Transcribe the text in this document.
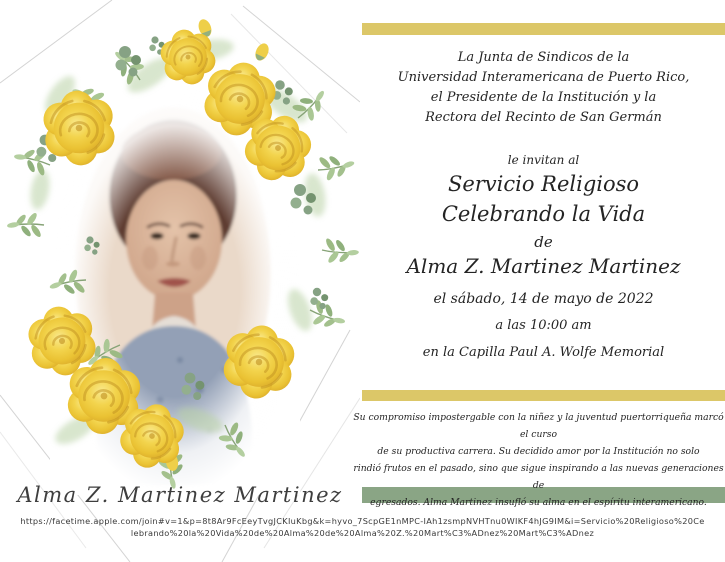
Alma Z. Martinez Martinez
La Junta de Sindicos de la
Universidad Interamericana de Puerto Rico,
el Presidente de la Institución y la
Rectora del Recinto de San Germán
le invitan al
Servicio Religioso
Celebrando la Vida
de
Alma Z. Martinez Martinez
el sábado, 14 de mayo de 2022
a las 10:00 am
en la Capilla Paul A. Wolfe Memorial
Su compromiso impostergable con la niñez y la juventud puertorriqueña marcó el curso
de su productiva carrera. Su decidido amor por la Institución no solo
rindió frutos en el pasado, sino que sigue inspirando a las nuevas generaciones de
egresados. Alma Martinez insufló su alma en el espíritu interamericano.
https://facetime.apple.com/join#v=1&p=8t8Ar9FcEeyTvgJCKIuKbg&k=hyvo_7ScpGE1nMPC-IAh1zsmpNVHTnu0WIKF4hJG9IM&i=Servicio%20Religioso%20Ce
lebrando%20la%20Vida%20de%20Alma%20de%20Alma%20Z.%20Mart%C3%ADnez%20Mart%C3%ADnez
